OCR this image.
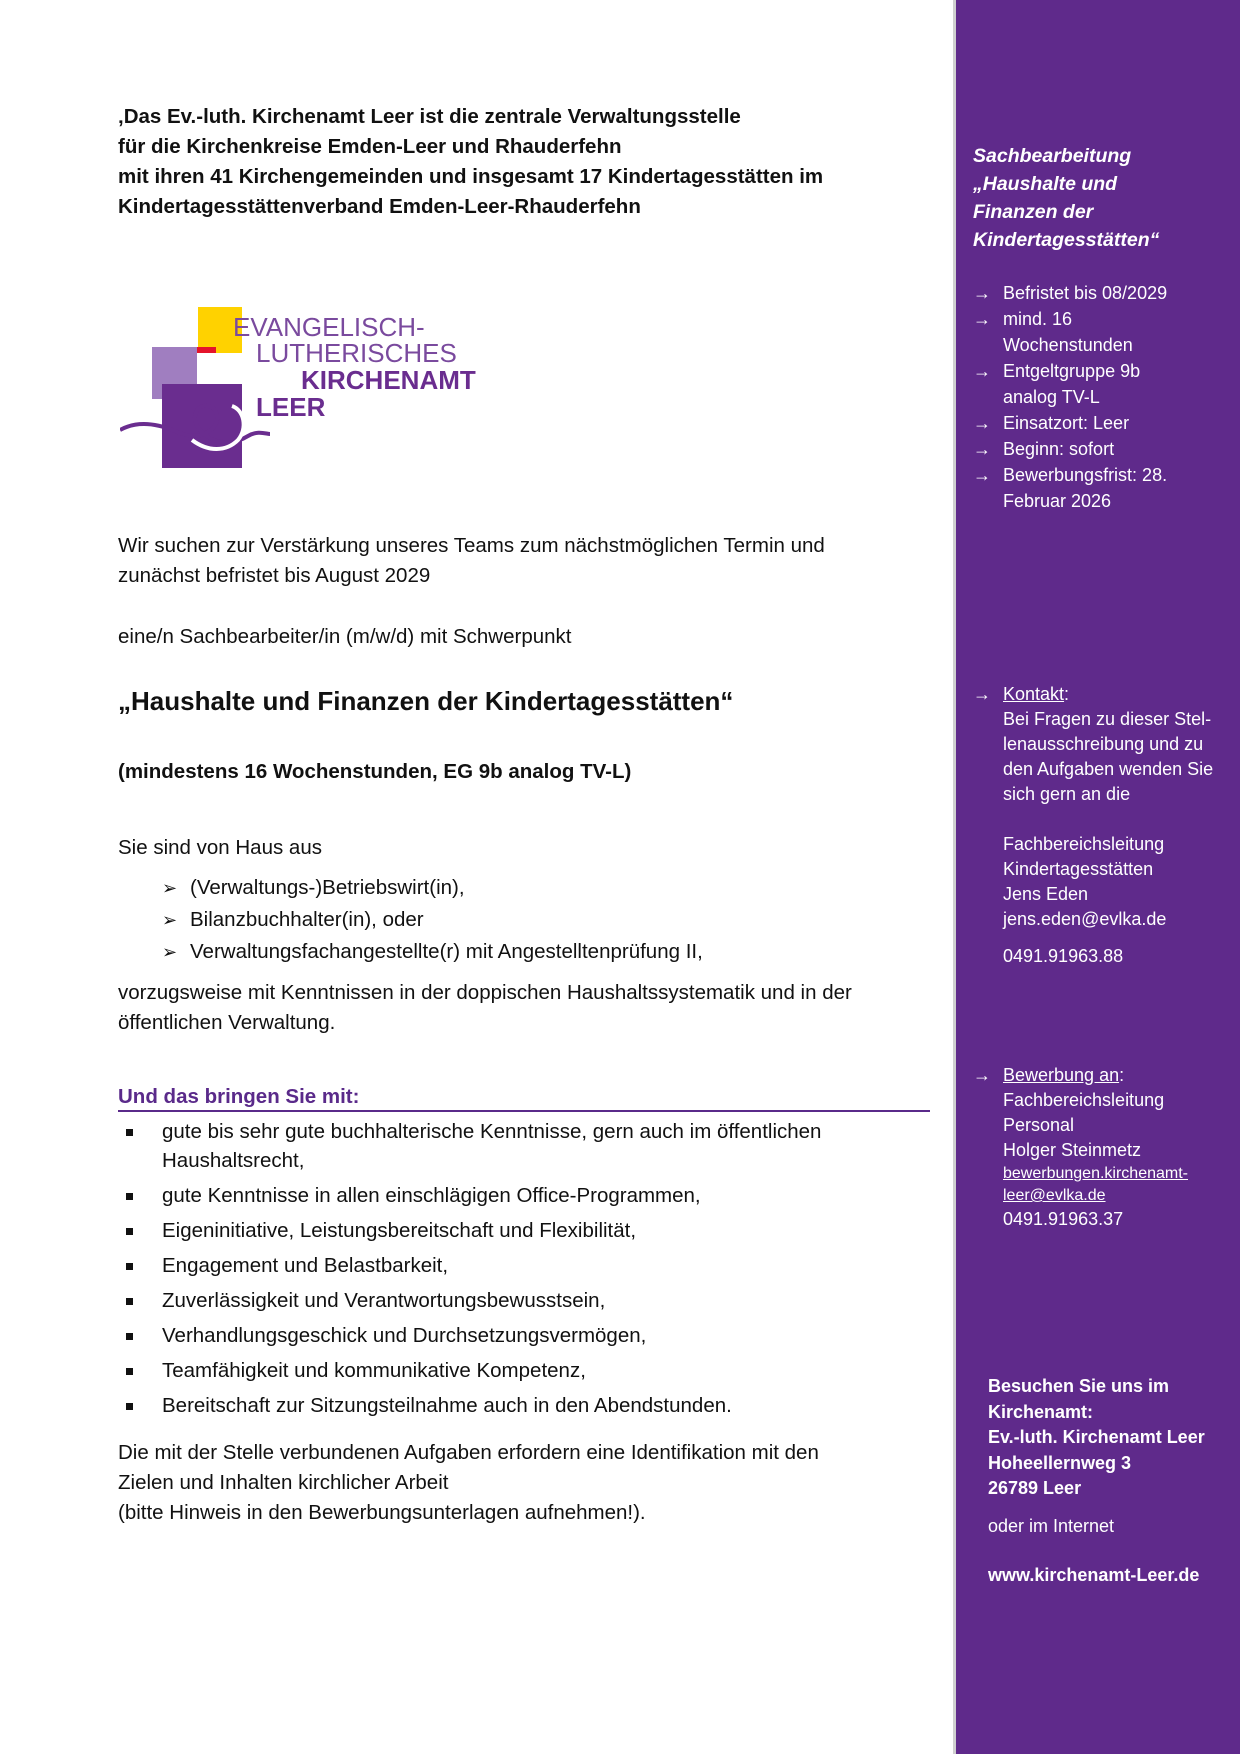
‚Das Ev.-luth. Kirchenamt Leer ist die zentrale Verwaltungsstelle
für die Kirchenkreise Emden-Leer und Rhauderfehn
mit ihren 41 Kirchengemeinden und insgesamt 17 Kindertagesstätten im
Kindertagesstättenverband Emden-Leer-Rhauderfehn
Wir suchen zur Verstärkung unseres Teams zum nächstmöglichen Termin und
zunächst befristet bis August 2029
eine/n Sachbearbeiter/in (m/w/d) mit Schwerpunkt
„Haushalte und Finanzen der Kindertagesstätten“
(mindestens 16 Wochenstunden, EG 9b analog TV-L)
Sie sind von Haus aus
➢ (Verwaltungs-)Betriebswirt(in),
➢ Bilanzbuchhalter(in), oder
➢ Verwaltungsfachangestellte(r) mit Angestelltenprüfung II,
vorzugsweise mit Kenntnissen in der doppischen Haushaltssystematik und in der
öffentlichen Verwaltung.
Und das bringen Sie mit:
gute bis sehr gute buchhalterische Kenntnisse, gern auch im öffentlichen Haushaltsrecht,
gute Kenntnisse in allen einschlägigen Office-Programmen,
Eigeninitiative, Leistungsbereitschaft und Flexibilität,
Engagement und Belastbarkeit,
Zuverlässigkeit und Verantwortungsbewusstsein,
Verhandlungsgeschick und Durchsetzungsvermögen,
Teamfähigkeit und kommunikative Kompetenz,
Bereitschaft zur Sitzungsteilnahme auch in den Abendstunden.
Die mit der Stelle verbundenen Aufgaben erfordern eine Identifikation mit den
Zielen und Inhalten kirchlicher Arbeit
(bitte Hinweis in den Bewerbungsunterlagen aufnehmen!).
EVANGELISCH-
LUTHERISCHES
KIRCHENAMT
LEER
Sachbearbeitung
„Haushalte und
Finanzen der
Kindertagesstätten“
→ Befristet bis 08/2029
→ mind. 16 Wochenstunden
→ Entgeltgruppe 9b analog TV-L
→ Einsatzort: Leer
→ Beginn: sofort
→ Bewerbungsfrist: 28. Februar 2026
→ Kontakt:
Bei Fragen zu dieser Stel-
lenausschreibung und zu
den Aufgaben wenden Sie
sich gern an die
Fachbereichsleitung
Kindertagesstätten
Jens Eden
jens.eden@evlka.de
0491.91963.88
→ Bewerbung an:
Fachbereichsleitung
Personal
Holger Steinmetz
bewerbungen.kirchenamt-
leer@evlka.de
0491.91963.37
Besuchen Sie uns im
Kirchenamt:
Ev.-luth. Kirchenamt Leer
Hoheellernweg 3
26789 Leer
oder im Internet
www.kirchenamt-Leer.de
